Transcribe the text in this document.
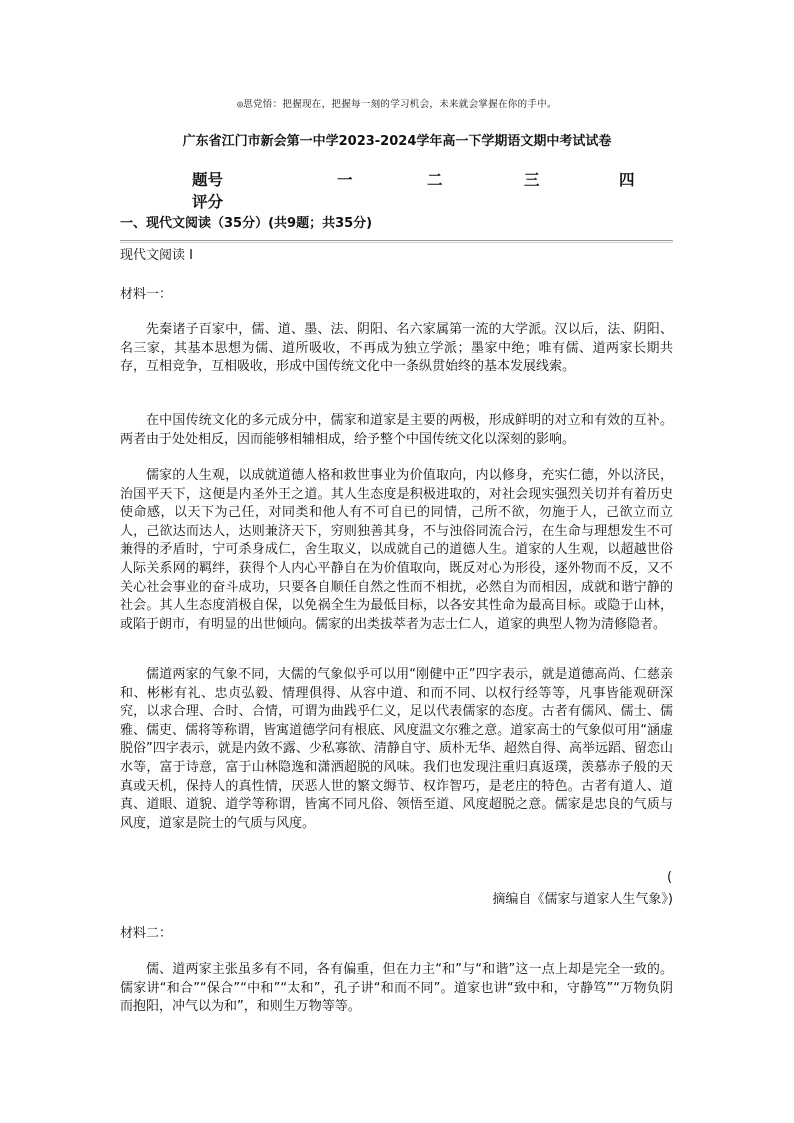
◎思党悟：把握现在，把握每一刻的学习机会，未来就会掌握在你的手中。
广东省江门市新会第一中学2023-2024学年高一下学期语文期中考试试卷
题号	一	二	三	四
评分
一、现代文阅读（35分）(共9题；共35分)
现代文阅读 I
材料一：
先秦诸子百家中，儒、道、墨、法、阴阳、名六家属第一流的大学派。汉以后，法、阴阳、名三家，其基本思想为儒、道所吸收，不再成为独立学派；墨家中绝；唯有儒、道两家长期共存，互相竞争，互相吸收，形成中国传统文化中一条纵贯始终的基本发展线索。
在中国传统文化的多元成分中，儒家和道家是主要的两极，形成鲜明的对立和有效的互补。两者由于处处相反，因而能够相辅相成，给予整个中国传统文化以深刻的影响。
儒家的人生观，以成就道德人格和救世事业为价值取向，内以修身，充实仁德，外以济民，治国平天下，这便是内圣外王之道。其人生态度是积极进取的，对社会现实强烈关切并有着历史使命感，以天下为己任，对同类和他人有不可自已的同情，己所不欲，勿施于人，己欲立而立人，己欲达而达人，达则兼济天下，穷则独善其身，不与浊俗同流合污，在生命与理想发生不可兼得的矛盾时，宁可杀身成仁，舍生取义，以成就自己的道德人生。道家的人生观，以超越世俗人际关系网的羁绊，获得个人内心平静自在为价值取向，既反对心为形役，逐外物而不反，又不关心社会事业的奋斗成功，只要各自顺任自然之性而不相扰，必然自为而相因，成就和谐宁静的社会。其人生态度消极自保，以免祸全生为最低目标，以各安其性命为最高目标。或隐于山林，或陷于朗市，有明显的出世倾向。儒家的出类拔萃者为志士仁人，道家的典型人物为清修隐者。
儒道两家的气象不同，大儒的气象似乎可以用“刚健中正”四字表示，就是道德高尚、仁慈亲和、彬彬有礼、忠贞弘毅、情理俱得、从容中道、和而不同、以权行经等等，凡事皆能观研深究，以求合理、合时、合情，可谓为曲践乎仁义，足以代表儒家的态度。古者有儒风、儒士、儒雅、儒吏、儒将等称谓，皆寓道德学问有根底、风度温文尔雅之意。道家高士的气象似可用“涵虚脱俗”四字表示，就是内敛不露、少私寡欲、清静自守、质朴无华、超然自得、高举远蹈、留恋山水等，富于诗意，富于山林隐逸和潇洒超脱的风味。我们也发现注重归真返璞，羡慕赤子般的天真或天机，保持人的真性情，厌恶人世的繁文缛节、权诈智巧，是老庄的特色。古者有道人、道真、道眼、道貌、道学等称谓，皆寓不同凡俗、领悟至道、风度超脱之意。儒家是忠良的气质与风度，道家是院士的气质与风度。
(
摘编自《儒家与道家人生气象》)
材料二：
儒、道两家主张虽多有不同，各有偏重，但在力主“和”与“和谐”这一点上却是完全一致的。儒家讲“和合”“保合”“中和”“太和”，孔子讲“和而不同”。道家也讲“致中和，守静笃”“万物负阴而抱阳，冲气以为和”，和则生万物等等。
